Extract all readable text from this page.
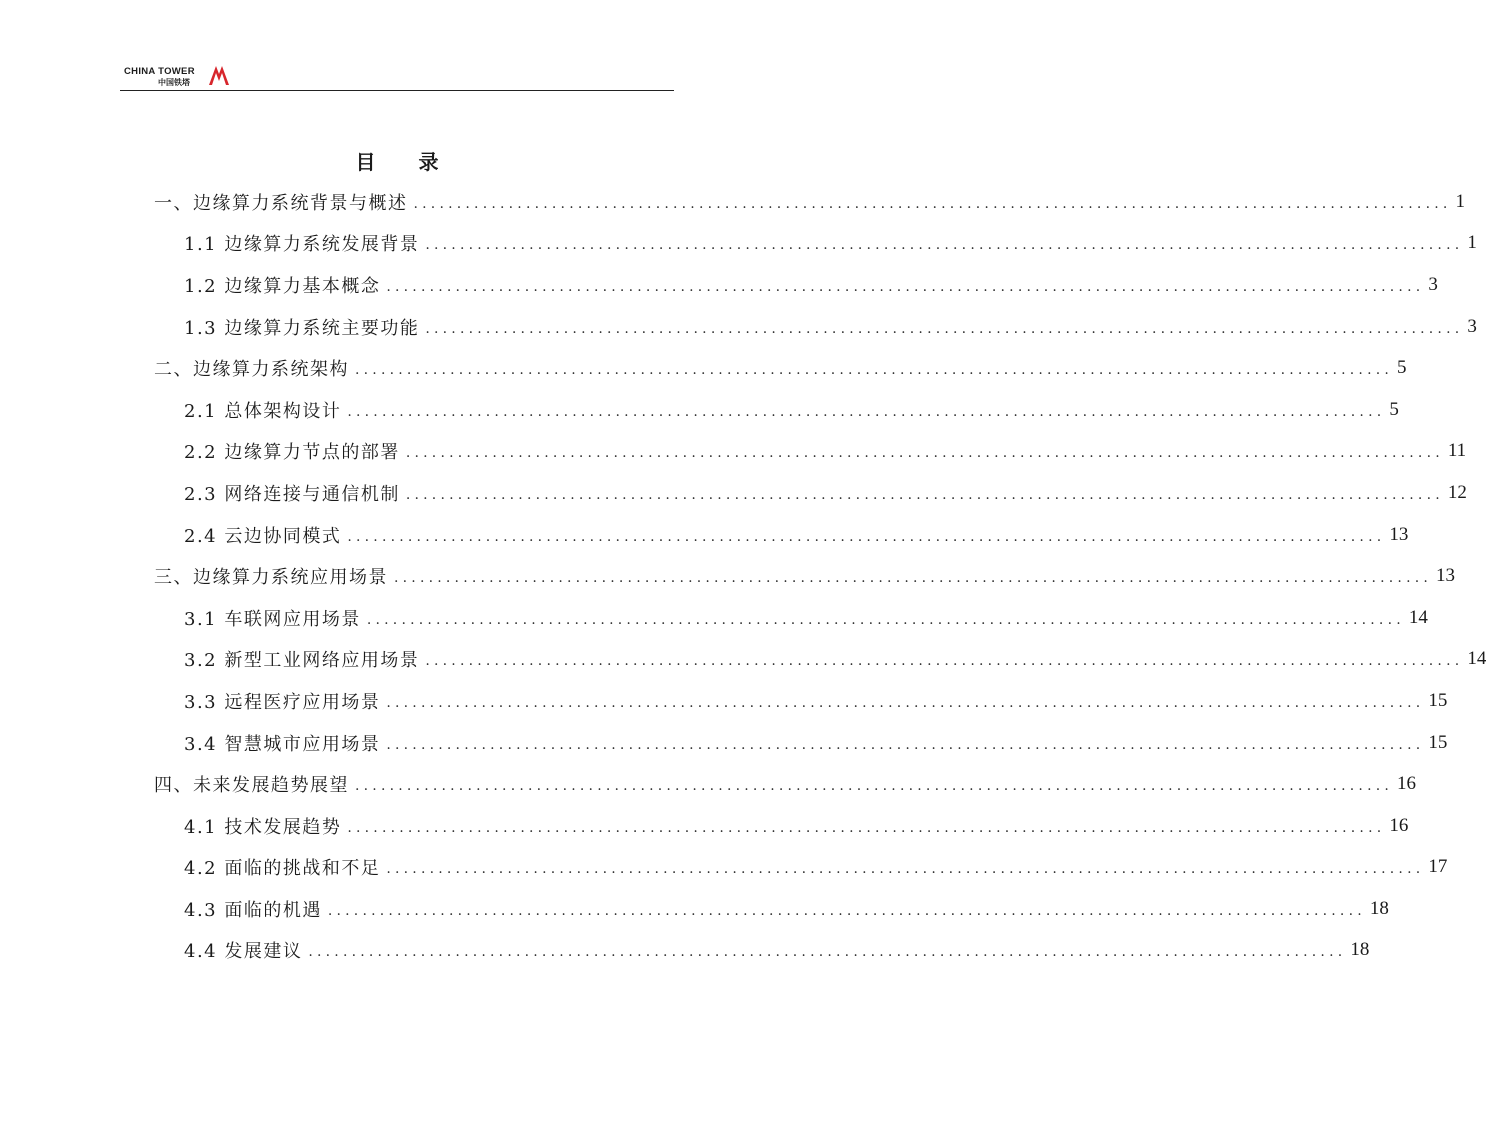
CHINA TOWER
中国铁塔
目 录
一、边缘算力系统背景与概述 ........................................................................................................................ 1
1.1 边缘算力系统发展背景 ........................................................................................................................ 1
1.2 边缘算力基本概念 ........................................................................................................................ 3
1.3 边缘算力系统主要功能 ........................................................................................................................ 3
二、边缘算力系统架构 ........................................................................................................................ 5
2.1 总体架构设计 ........................................................................................................................ 5
2.2 边缘算力节点的部署 ........................................................................................................................ 11
2.3 网络连接与通信机制 ........................................................................................................................ 12
2.4 云边协同模式 ........................................................................................................................ 13
三、边缘算力系统应用场景 ........................................................................................................................ 13
3.1 车联网应用场景 ........................................................................................................................ 14
3.2 新型工业网络应用场景 ........................................................................................................................ 14
3.3 远程医疗应用场景 ........................................................................................................................ 15
3.4 智慧城市应用场景 ........................................................................................................................ 15
四、未来发展趋势展望 ........................................................................................................................ 16
4.1 技术发展趋势 ........................................................................................................................ 16
4.2 面临的挑战和不足 ........................................................................................................................ 17
4.3 面临的机遇 ........................................................................................................................ 18
4.4 发展建议 ........................................................................................................................ 18
